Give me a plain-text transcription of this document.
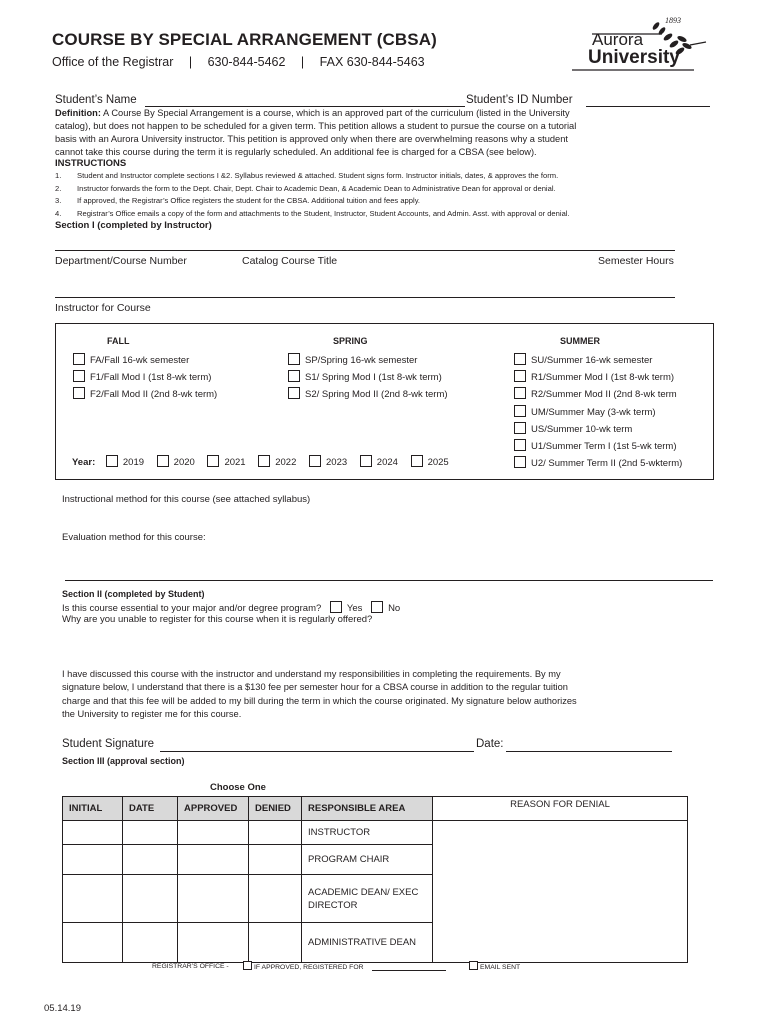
COURSE BY SPECIAL ARRANGEMENT (CBSA)
Office of the Registrar | 630-844-5462 | FAX 630-844-5463
1893
Aurora
University
Student’s Name	Student’s ID Number
Definition: A Course By Special Arrangement is a course, which is an approved part of the curriculum (listed in the University
catalog), but does not happen to be scheduled for a given term. This petition allows a student to pursue the course on a tutorial
basis with an Aurora University instructor. This petition is approved only when there are overwhelming reasons why a student
cannot take this course during the term it is regularly scheduled. An additional fee is charged for a CBSA (see below).
INSTRUCTIONS
1. Student and Instructor complete sections I &2. Syllabus reviewed & attached. Student signs form. Instructor initials, dates, & approves the form.
2. Instructor forwards the form to the Dept. Chair, Dept. Chair to Academic Dean, & Academic Dean to Administrative Dean for approval or denial.
3. If approved, the Registrar’s Office registers the student for the CBSA. Additional tuition and fees apply.
4. Registrar’s Office emails a copy of the form and attachments to the Student, Instructor, Student Accounts, and Admin. Asst. with approval or denial.
Section I (completed by Instructor)
Department/Course Number	Catalog Course Title	Semester Hours
Instructor for Course
FALL	SPRING	SUMMER
FA/Fall 16-wk semester
F1/Fall Mod I (1st 8-wk term)
F2/Fall Mod II (2nd 8-wk term)
SP/Spring 16-wk semester
S1/ Spring Mod I (1st 8-wk term)
S2/ Spring Mod II (2nd 8-wk term)
SU/Summer 16-wk semester
R1/Summer Mod I (1st 8-wk term)
R2/Summer Mod II (2nd 8-wk term
UM/Summer May (3-wk term)
US/Summer 10-wk term
U1/Summer Term I (1st 5-wk term)
U2/ Summer Term II (2nd 5-wkterm)
Year:	2019	2020	2021	2022	2023	2024	2025
Instructional method for this course (see attached syllabus)
Evaluation method for this course:
Section II (completed by Student)
Is this course essential to your major and/or degree program?	Yes	No
Why are you unable to register for this course when it is regularly offered?
I have discussed this course with the instructor and understand my responsibilities in completing the requirements. By my
signature below, I understand that there is a $130 fee per semester hour for a CBSA course in addition to the regular tuition
charge and that this fee will be added to my bill during the term in which the course originated. My signature below authorizes
the University to register me for this course.
Student Signature	Date:
Section III (approval section)
Choose One
INITIAL	DATE	APPROVED	DENIED	RESPONSIBLE AREA	REASON FOR DENIAL
				INSTRUCTOR	
				PROGRAM CHAIR	
				ACADEMIC DEAN/ EXEC DIRECTOR	
				ADMINISTRATIVE DEAN	
REGISTRAR’S OFFICE -	IF APPROVED, REGISTERED FOR	EMAIL SENT
05.14.19
